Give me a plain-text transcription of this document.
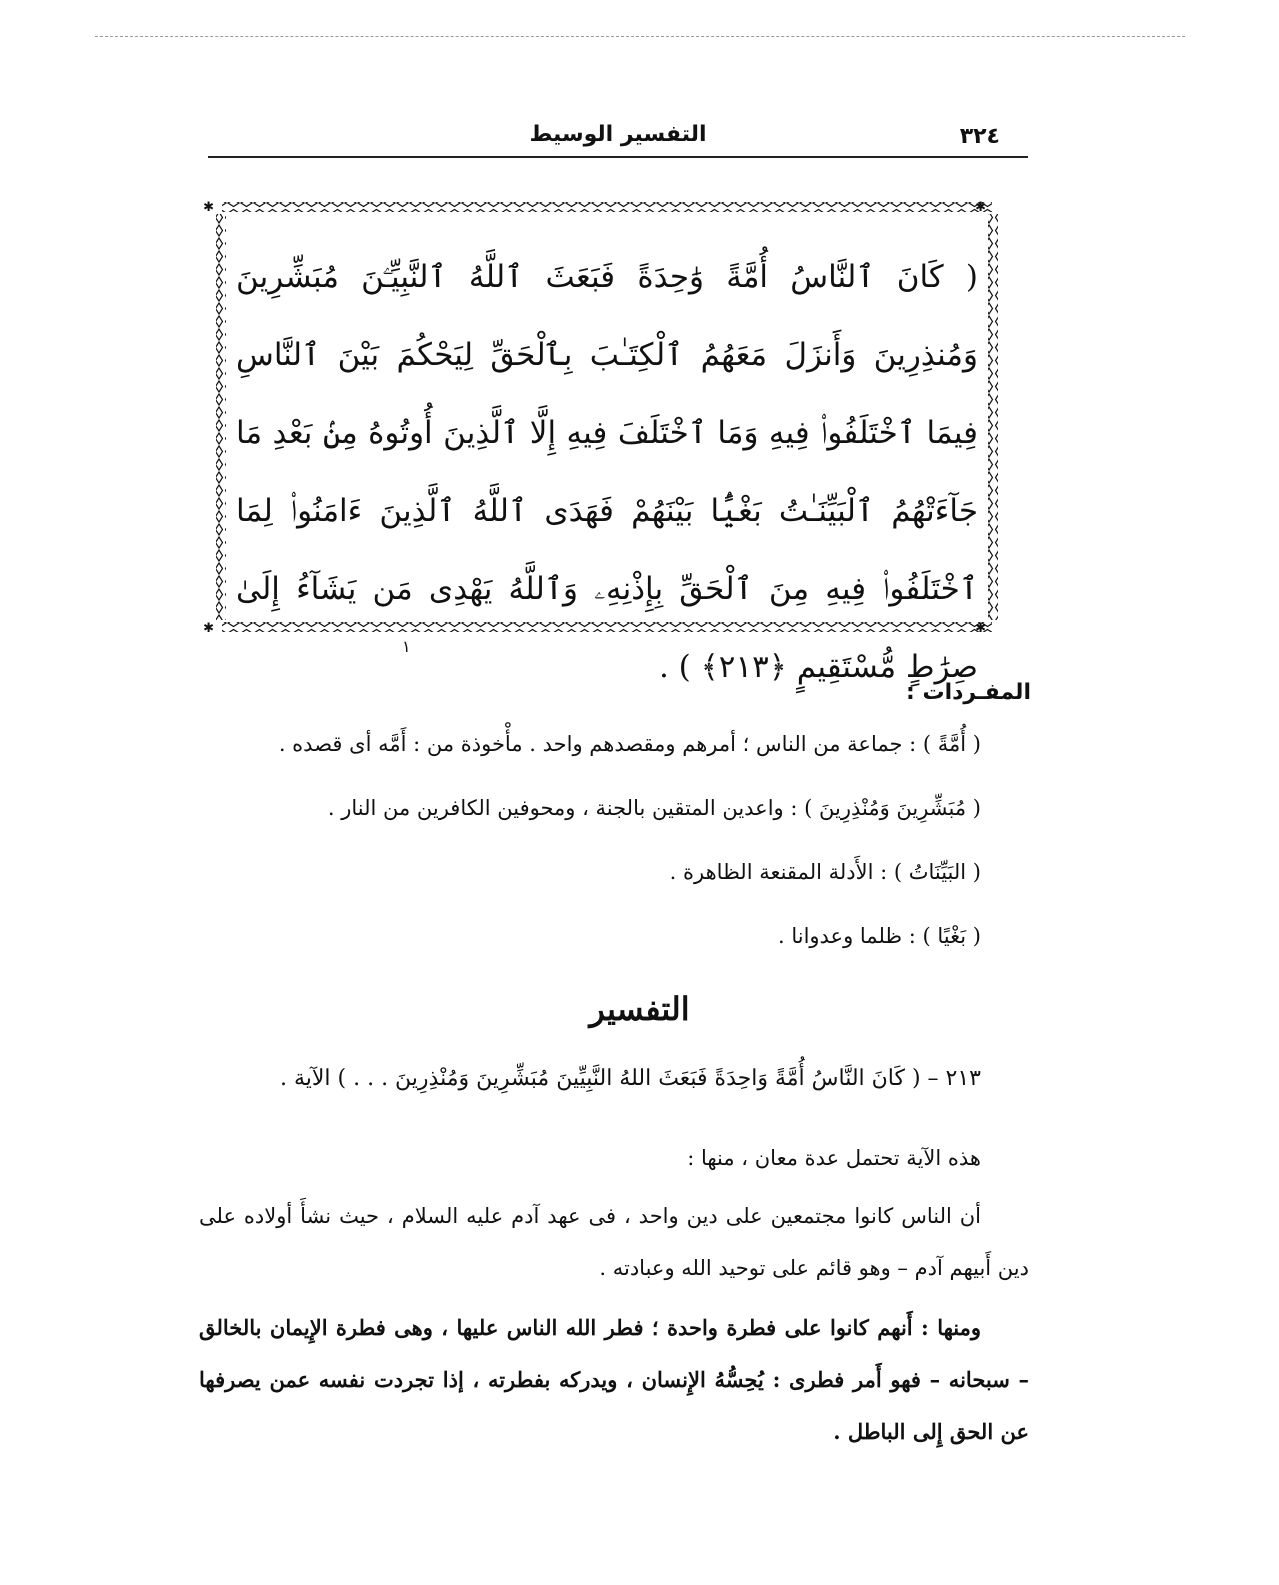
٣٢٤
التفسير الوسيط
✱	✱
✱	✱
( كَانَ ٱلنَّاسُ أُمَّةً وَٰحِدَةً فَبَعَثَ ٱللَّهُ ٱلنَّبِيِّـۧنَ مُبَشِّرِينَ وَمُنذِرِينَ وَأَنزَلَ مَعَهُمُ ٱلْكِتَـٰبَ بِٱلْحَقِّ لِيَحْكُمَ بَيْنَ ٱلنَّاسِ فِيمَا ٱخْتَلَفُوا۟ فِيهِ وَمَا ٱخْتَلَفَ فِيهِ إِلَّا ٱلَّذِينَ أُوتُوهُ مِنۢ بَعْدِ مَا جَآءَتْهُمُ ٱلْبَيِّنَـٰتُ بَغْيًۢا بَيْنَهُمْ فَهَدَى ٱللَّهُ ٱلَّذِينَ ءَامَنُوا۟ لِمَا ٱخْتَلَفُوا۟ فِيهِ مِنَ ٱلْحَقِّ بِإِذْنِهِۦ وَٱللَّهُ يَهْدِى مَن يَشَآءُ إِلَىٰ صِرَٰطٍ مُّسْتَقِيمٍ ﴿٢١٣﴾ ) .
١
المفـردات :
( أُمَّةً ) : جماعة من الناس ؛ أمرهم ومقصدهم واحد . مأْخوذة من : أَمَّه أى قصده .
( مُبَشِّرِينَ وَمُنْذِرِينَ ) : واعدين المتقين بالجنة ، ومحوفين الكافرين من النار .
( البَيِّنَاتُ ) : الأَدلة المقنعة الظاهرة .
( بَغْيًا ) : ظلما وعدوانا .
التفسير
٢١٣ – ( كَانَ النَّاسُ أُمَّةً وَاحِدَةً فَبَعَثَ اللهُ النَّبِيِّينَ مُبَشِّرِينَ وَمُنْذِرِينَ . . . ) الآية .
هذه الآية تحتمل عدة معان ، منها :
أن الناس كانوا مجتمعين على دين واحد ، فى عهد آدم عليه السلام ، حيث نشأَ أولاده على دين أَبيهم آدم – وهو قائم على توحيد الله وعبادته .
ومنها : أَنهم كانوا على فطرة واحدة ؛ فطر الله الناس عليها ، وهى فطرة الإِيمان بالخالق – سبحانه – فهو أَمر فطرى : يُحِسُّهُ الإِنسان ، ويدركه بفطرته ، إذا تجردت نفسه عمن يصرفها عن الحق إِلى الباطل .
